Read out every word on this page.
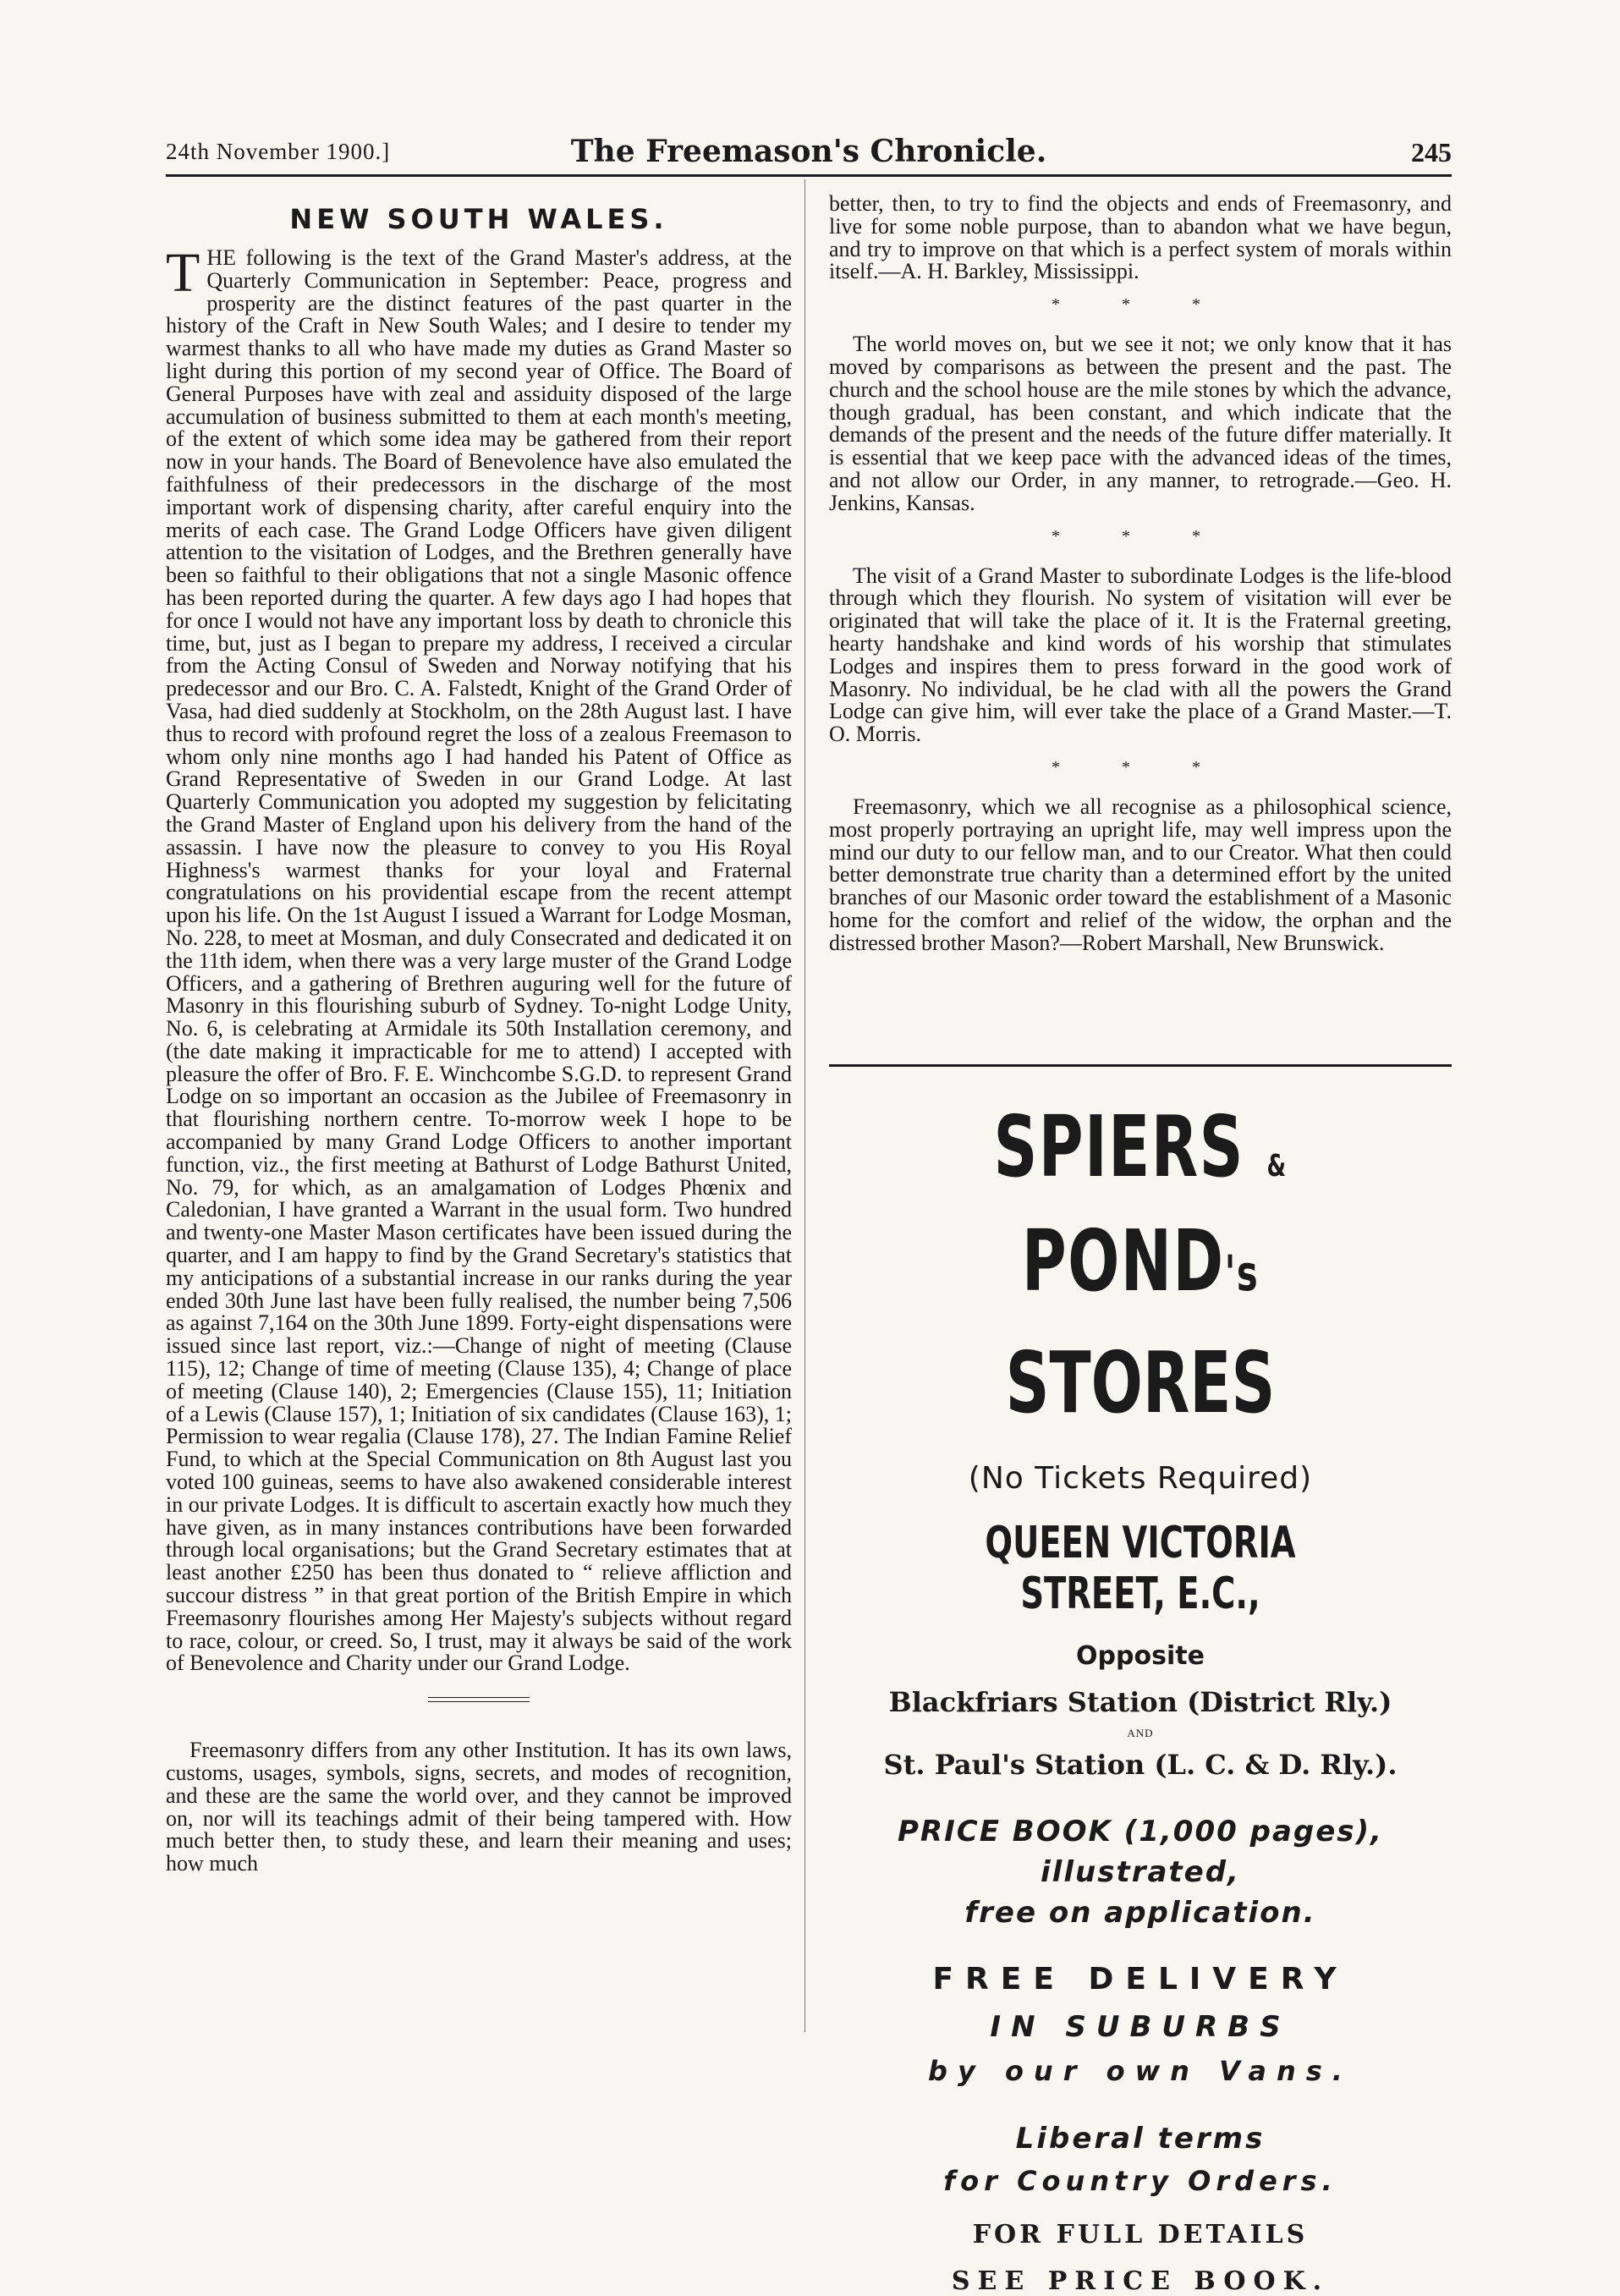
24th November 1900.]	The Freemason's Chronicle.	245
NEW SOUTH WALES.

THE following is the text of the Grand Master's address, at the Quarterly Communication in September: Peace, progress and prosperity are the distinct features of the past quarter in the history of the Craft in New South Wales; and I desire to tender my warmest thanks to all who have made my duties as Grand Master so light during this portion of my second year of Office. The Board of General Purposes have with zeal and assiduity disposed of the large accumulation of business submitted to them at each month's meeting, of the extent of which some idea may be gathered from their report now in your hands. The Board of Benevolence have also emulated the faithfulness of their predecessors in the discharge of the most important work of dispensing charity, after careful enquiry into the merits of each case. The Grand Lodge Officers have given diligent attention to the visitation of Lodges, and the Brethren generally have been so faithful to their obligations that not a single Masonic offence has been reported during the quarter. A few days ago I had hopes that for once I would not have any important loss by death to chronicle this time, but, just as I began to prepare my address, I received a circular from the Acting Consul of Sweden and Norway notifying that his predecessor and our Bro. C. A. Falstedt, Knight of the Grand Order of Vasa, had died suddenly at Stockholm, on the 28th August last. I have thus to record with profound regret the loss of a zealous Freemason to whom only nine months ago I had handed his Patent of Office as Grand Representative of Sweden in our Grand Lodge. At last Quarterly Communication you adopted my suggestion by felicitating the Grand Master of England upon his delivery from the hand of the assassin. I have now the pleasure to convey to you His Royal Highness's warmest thanks for your loyal and Fraternal congratulations on his providential escape from the recent attempt upon his life. On the 1st August I issued a Warrant for Lodge Mosman, No. 228, to meet at Mosman, and duly Consecrated and dedicated it on the 11th idem, when there was a very large muster of the Grand Lodge Officers, and a gathering of Brethren auguring well for the future of Masonry in this flourishing suburb of Sydney. To-night Lodge Unity, No. 6, is celebrating at Armidale its 50th Installation ceremony, and (the date making it impracticable for me to attend) I accepted with pleasure the offer of Bro. F. E. Winchcombe S.G.D. to represent Grand Lodge on so important an occasion as the Jubilee of Freemasonry in that flourishing northern centre. To-morrow week I hope to be accompanied by many Grand Lodge Officers to another important function, viz., the first meeting at Bathurst of Lodge Bathurst United, No. 79, for which, as an amalgamation of Lodges Phœnix and Caledonian, I have granted a Warrant in the usual form. Two hundred and twenty-one Master Mason certificates have been issued during the quarter, and I am happy to find by the Grand Secretary's statistics that my anticipations of a substantial increase in our ranks during the year ended 30th June last have been fully realised, the number being 7,506 as against 7,164 on the 30th June 1899. Forty-eight dispensations were issued since last report, viz.:—Change of night of meeting (Clause 115), 12; Change of time of meeting (Clause 135), 4; Change of place of meeting (Clause 140), 2; Emergencies (Clause 155), 11; Initiation of a Lewis (Clause 157), 1; Initiation of six candidates (Clause 163), 1; Permission to wear regalia (Clause 178), 27. The Indian Famine Relief Fund, to which at the Special Communication on 8th August last you voted 100 guineas, seems to have also awakened considerable interest in our private Lodges. It is difficult to ascertain exactly how much they have given, as in many instances contributions have been forwarded through local organisations; but the Grand Secretary estimates that at least another £250 has been thus donated to “ relieve affliction and succour distress ” in that great portion of the British Empire in which Freemasonry flourishes among Her Majesty's subjects without regard to race, colour, or creed. So, I trust, may it always be said of the work of Benevolence and Charity under our Grand Lodge.

Freemasonry differs from any other Institution. It has its own laws, customs, usages, symbols, signs, secrets, and modes of recognition, and these are the same the world over, and they cannot be improved on, nor will its teachings admit of their being tampered with. How much better then, to study these, and learn their meaning and uses; how much

better, then, to try to find the objects and ends of Freemasonry, and live for some noble purpose, than to abandon what we have begun, and try to improve on that which is a perfect system of morals within itself.—A. H. Barkley, Mississippi.

* * *

The world moves on, but we see it not; we only know that it has moved by comparisons as between the present and the past. The church and the school house are the mile stones by which the advance, though gradual, has been constant, and which indicate that the demands of the present and the needs of the future differ materially. It is essential that we keep pace with the advanced ideas of the times, and not allow our Order, in any manner, to retrograde.—Geo. H. Jenkins, Kansas.

* * *

The visit of a Grand Master to subordinate Lodges is the life-blood through which they flourish. No system of visitation will ever be originated that will take the place of it. It is the Fraternal greeting, hearty handshake and kind words of his worship that stimulates Lodges and inspires them to press forward in the good work of Masonry. No individual, be he clad with all the powers the Grand Lodge can give him, will ever take the place of a Grand Master.—T. O. Morris.

* * *

Freemasonry, which we all recognise as a philosophical science, most properly portraying an upright life, may well impress upon the mind our duty to our fellow man, and to our Creator. What then could better demonstrate true charity than a determined effort by the united branches of our Masonic order toward the establishment of a Masonic home for the comfort and relief of the widow, the orphan and the distressed brother Mason?—Robert Marshall, New Brunswick.

SPIERS & POND's
STORES
(No Tickets Required)
QUEEN VICTORIA STREET, E.C.,
Opposite
Blackfriars Station (District Rly.)
AND
St. Paul's Station (L. C. & D. Rly.).
PRICE BOOK (1,000 pages),
illustrated,
free on application.
FREE DELIVERY
IN SUBURBS
by our own Vans.
Liberal terms
for Country Orders.
FOR FULL DETAILS
SEE PRICE BOOK.
